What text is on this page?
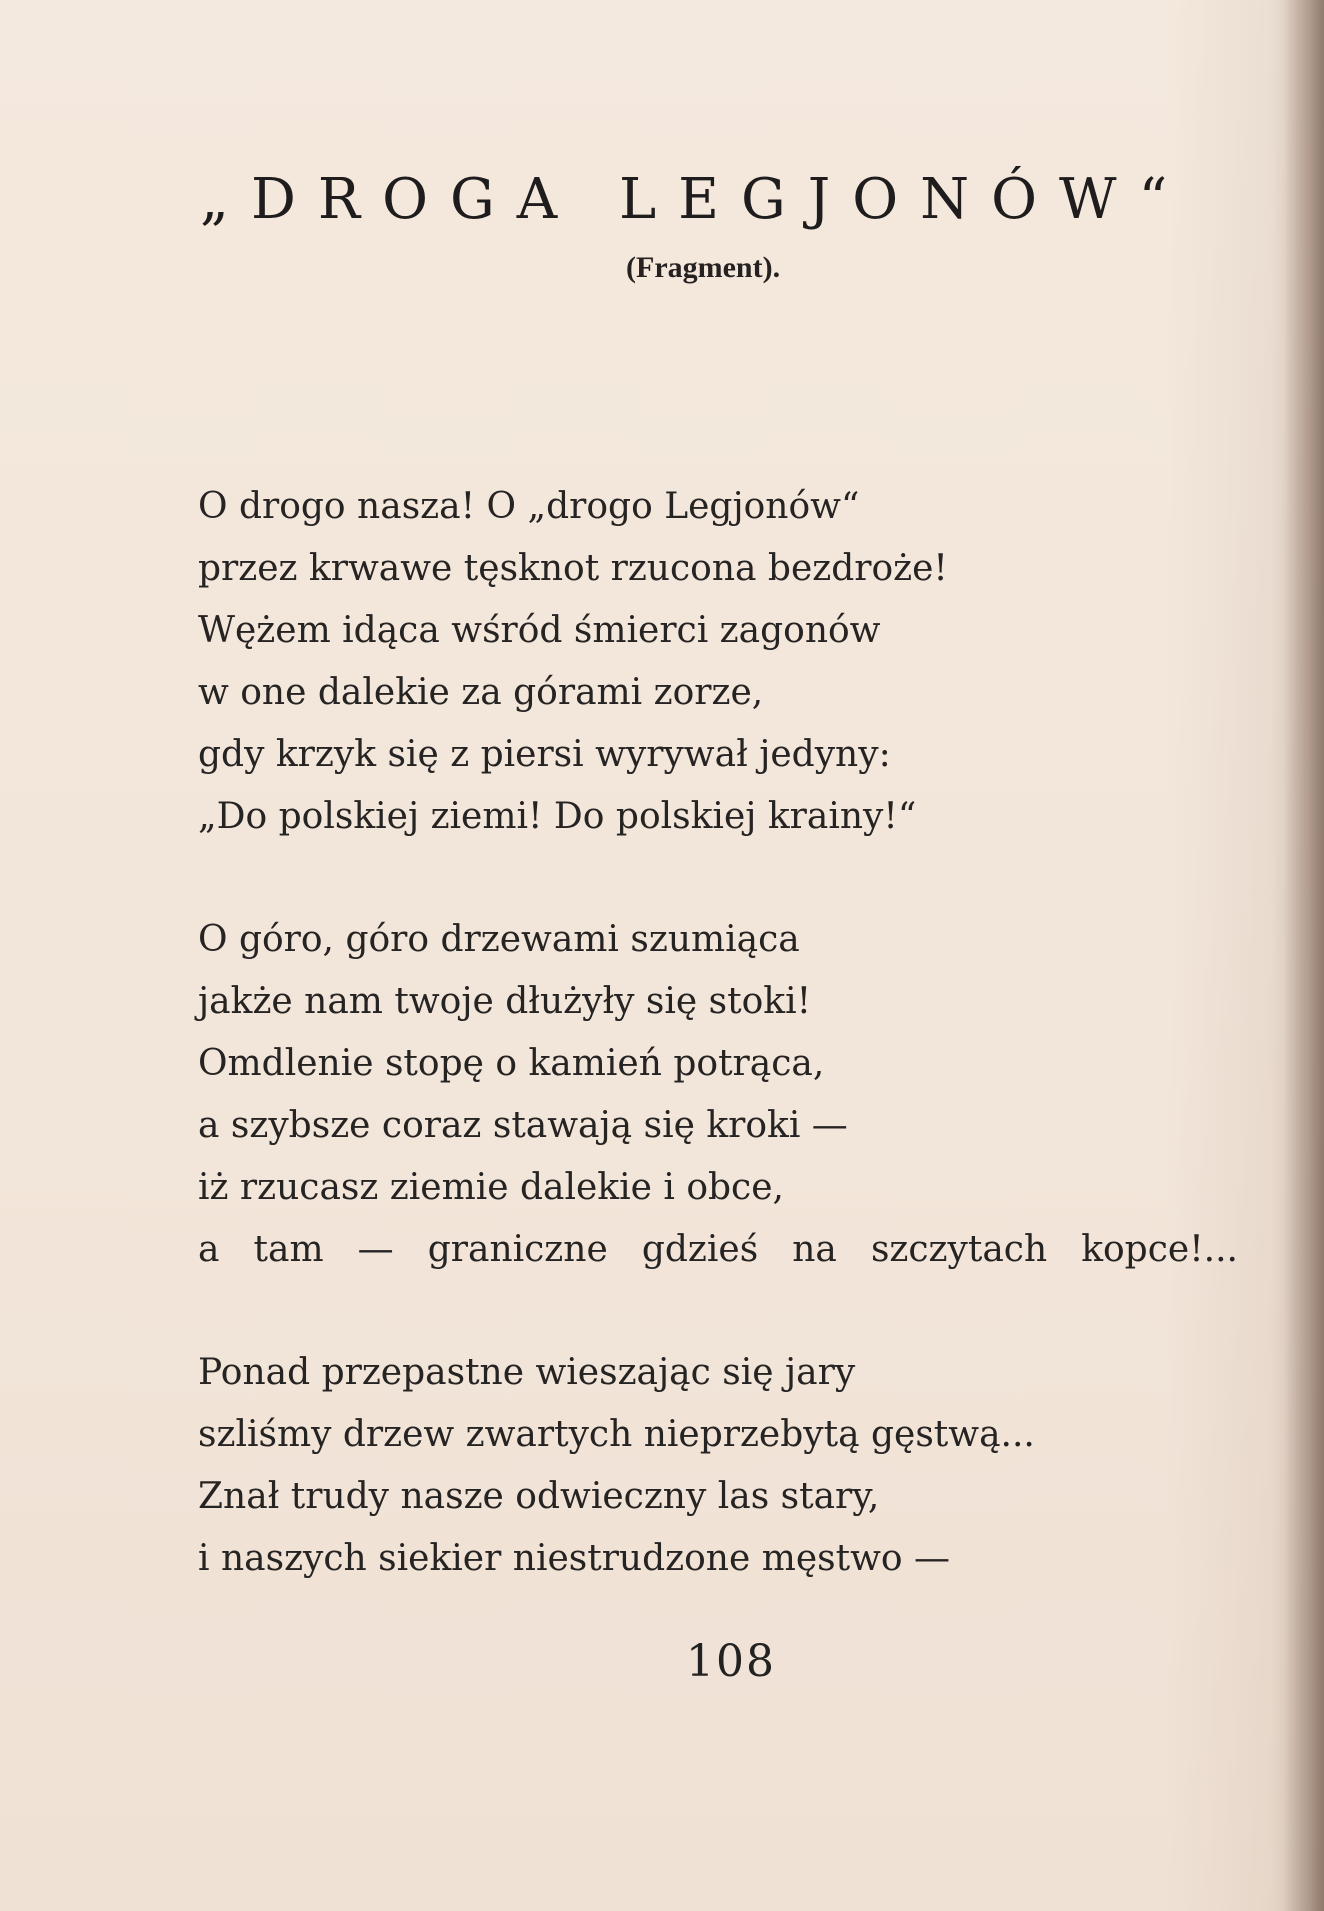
„DROGA LEGJONÓW“
(Fragment).
O drogo nasza! O „drogo Legjonów“
przez krwawe tęsknot rzucona bezdroże!
Wężem idąca wśród śmierci zagonów
w one dalekie za górami zorze,
gdy krzyk się z piersi wyrywał jedyny:
„Do polskiej ziemi! Do polskiej krainy!“
O góro, góro drzewami szumiąca
jakże nam twoje dłużyły się stoki!
Omdlenie stopę o kamień potrąca,
a szybsze coraz stawają się kroki —
iż rzucasz ziemie dalekie i obce,
a tam — graniczne gdzieś na szczytach kopce!...
Ponad przepastne wieszając się jary
szliśmy drzew zwartych nieprzebytą gęstwą...
Znał trudy nasze odwieczny las stary,
i naszych siekier niestrudzone męstwo —
108
